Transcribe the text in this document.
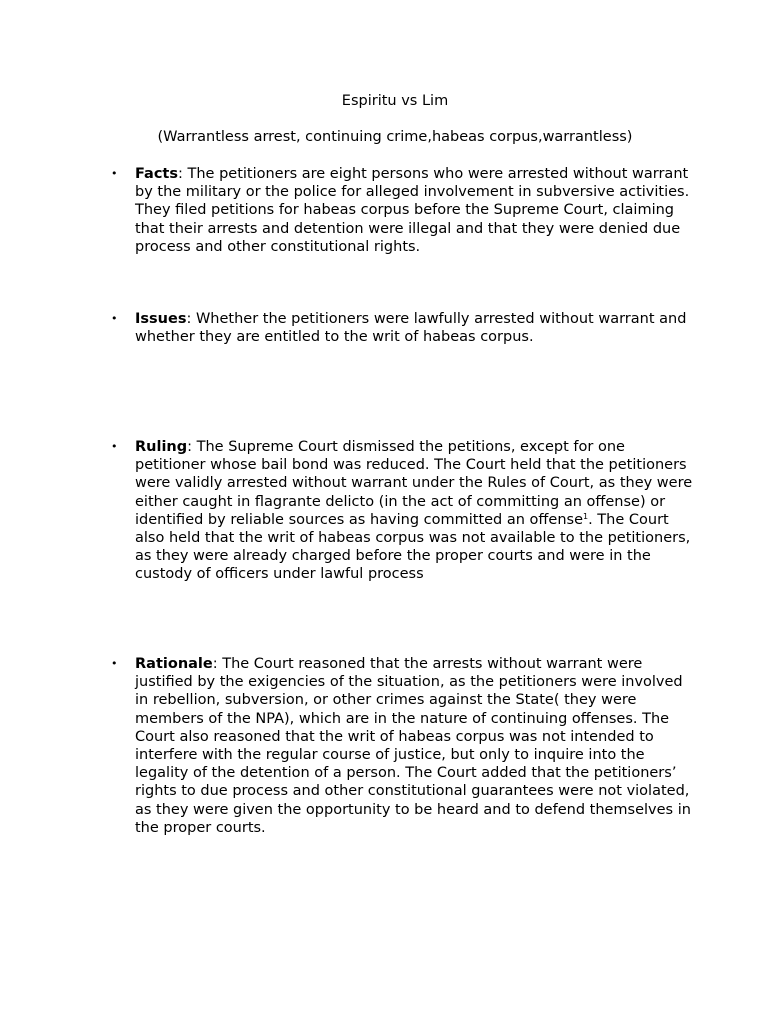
Espiritu vs Lim
(Warrantless arrest, continuing crime,habeas corpus,warrantless)
• Facts: The petitioners are eight persons who were arrested without warrant by the military or the police for alleged involvement in subversive activities. They filed petitions for habeas corpus before the Supreme Court, claiming that their arrests and detention were illegal and that they were denied due process and other constitutional rights.
• Issues: Whether the petitioners were lawfully arrested without warrant and whether they are entitled to the writ of habeas corpus.
• Ruling: The Supreme Court dismissed the petitions, except for one petitioner whose bail bond was reduced. The Court held that the petitioners were validly arrested without warrant under the Rules of Court, as they were either caught in flagrante delicto (in the act of committing an offense) or identified by reliable sources as having committed an offense$^1$. The Court also held that the writ of habeas corpus was not available to the petitioners, as they were already charged before the proper courts and were in the custody of officers under lawful process
• Rationale: The Court reasoned that the arrests without warrant were justified by the exigencies of the situation, as the petitioners were involved in rebellion, subversion, or other crimes against the State( they were members of the NPA), which are in the nature of continuing offenses. The Court also reasoned that the writ of habeas corpus was not intended to interfere with the regular course of justice, but only to inquire into the legality of the detention of a person. The Court added that the petitioners’ rights to due process and other constitutional guarantees were not violated, as they were given the opportunity to be heard and to defend themselves in the proper courts.
